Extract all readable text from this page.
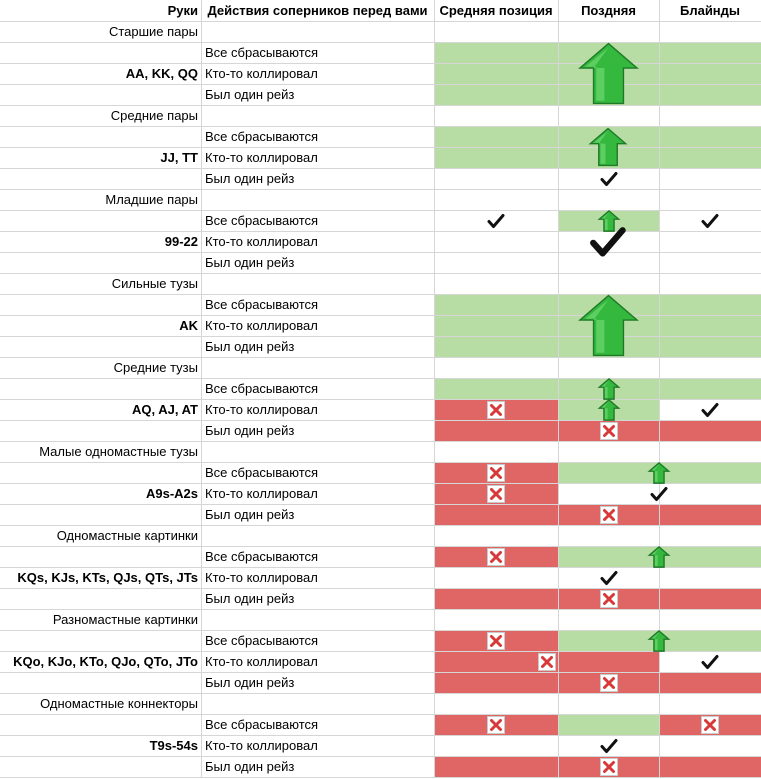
Руки Действия соперников перед вами Средняя позиция	Поздняя	Блайнды
Старшие пары
AA, KK, QQ
Все сбрасываются
Кто-то коллировал
Был один рейз
Средние пары
JJ, TT
Все сбрасываются
Кто-то коллировал
Был один рейз
Младшие пары
99-22
Все сбрасываются
Кто-то коллировал
Был один рейз
Сильные тузы
AK
Все сбрасываются
Кто-то коллировал
Был один рейз
Средние тузы
AQ, AJ, AT
Все сбрасываются
Кто-то коллировал
Был один рейз
Малые одномастные тузы
A9s-A2s
Все сбрасываются
Кто-то коллировал
Был один рейз
Одномастные картинки
KQs, KJs, KTs, QJs, QTs, JTs
Все сбрасываются
Кто-то коллировал
Был один рейз
Разномастные картинки
KQo, KJo, KTo, QJo, QTo, JTo
Все сбрасываются
Кто-то коллировал
Был один рейз
Одномастные коннекторы
T9s-54s
Все сбрасываются
Кто-то коллировал
Был один рейз
